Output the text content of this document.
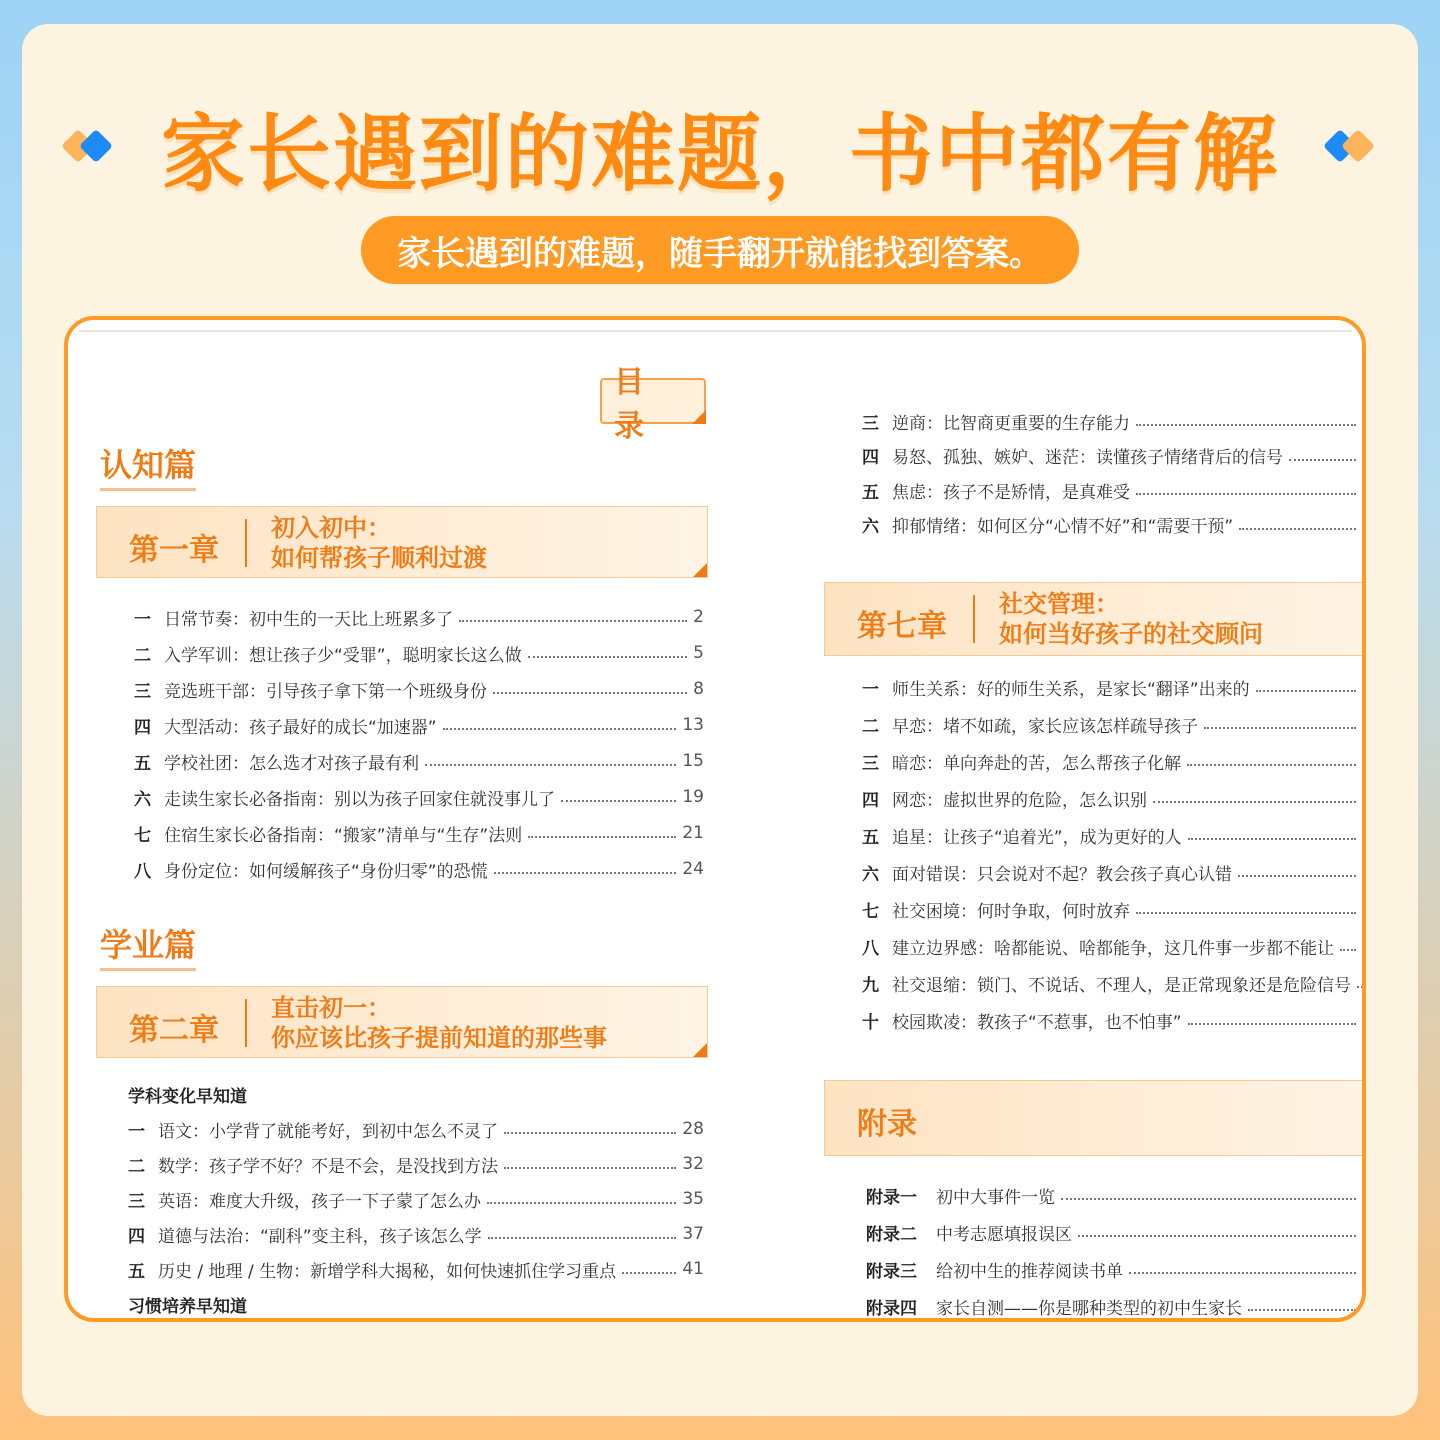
家长遇到的难题，书中都有解
家长遇到的难题，随手翻开就能找到答案。
目 录
认知篇
第一章
初入初中：
如何帮孩子顺利过渡
一 日常节奏：初中生的一天比上班累多了	2
二 入学军训：想让孩子少“受罪”，聪明家长这么做	5
三 竞选班干部：引导孩子拿下第一个班级身份	8
四 大型活动：孩子最好的成长“加速器”	13
五 学校社团：怎么选才对孩子最有利	15
六 走读生家长必备指南：别以为孩子回家住就没事儿了	19
七 住宿生家长必备指南：“搬家”清单与“生存”法则	21
八 身份定位：如何缓解孩子“身份归零”的恐慌	24
学业篇
第二章
直击初一：
你应该比孩子提前知道的那些事
学科变化早知道
一 语文：小学背了就能考好，到初中怎么不灵了	28
二 数学：孩子学不好？不是不会，是没找到方法	32
三 英语：难度大升级，孩子一下子蒙了怎么办	35
四 道德与法治：“副科”变主科，孩子该怎么学	37
五 历史 / 地理 / 生物：新增学科大揭秘，如何快速抓住学习重点	41
习惯培养早知道
三 逆商：比智商更重要的生存能力
四 易怒、孤独、嫉妒、迷茫：读懂孩子情绪背后的信号
五 焦虑：孩子不是矫情，是真难受
六 抑郁情绪：如何区分“心情不好”和“需要干预”
第七章
社交管理：
如何当好孩子的社交顾问
一 师生关系：好的师生关系，是家长“翻译”出来的
二 早恋：堵不如疏，家长应该怎样疏导孩子
三 暗恋：单向奔赴的苦，怎么帮孩子化解
四 网恋：虚拟世界的危险，怎么识别
五 追星：让孩子“追着光”，成为更好的人
六 面对错误：只会说对不起？教会孩子真心认错
七 社交困境：何时争取，何时放弃
八 建立边界感：啥都能说、啥都能争，这几件事一步都不能让
九 社交退缩：锁门、不说话、不理人，是正常现象还是危险信号
十 校园欺凌：教孩子“不惹事，也不怕事”
附录
附录一	初中大事件一览
附录二	中考志愿填报误区
附录三	给初中生的推荐阅读书单
附录四	家长自测——你是哪种类型的初中生家长
